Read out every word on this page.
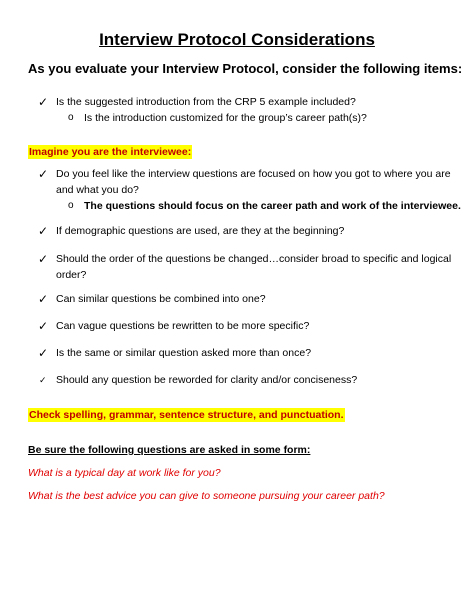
Interview Protocol Considerations
As you evaluate your Interview Protocol, consider the following items:
✓ Is the suggested introduction from the CRP 5 example included?
o Is the introduction customized for the group’s career path(s)?
Imagine you are the interviewee:
✓ Do you feel like the interview questions are focused on how you got to where you are and what you do?
o The questions should focus on the career path and work of the interviewee.
✓ If demographic questions are used, are they at the beginning?
✓ Should the order of the questions be changed…consider broad to specific and logical order?
✓ Can similar questions be combined into one?
✓ Can vague questions be rewritten to be more specific?
✓ Is the same or similar question asked more than once?
✓ Should any question be reworded for clarity and/or conciseness?
Check spelling, grammar, sentence structure, and punctuation.
Be sure the following questions are asked in some form:
What is a typical day at work like for you?
What is the best advice you can give to someone pursuing your career path?
